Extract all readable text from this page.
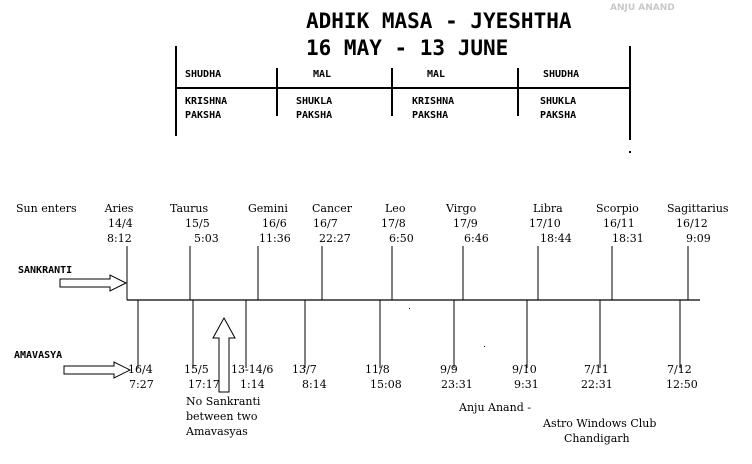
ADHIK MASA - JYESHTHA
16 MAY - 13 JUNE
ANJU ANAND
SHUDHA
KRISHNA
PAKSHA
MAL
SHUKLA
PAKSHA
MAL
KRISHNA
PAKSHA
SHUDHA
SHUKLA
PAKSHA
Sun enters
SANKRANTI
AMAVASYA
Aries
14/4
8:12
Taurus
15/5
5:03
Gemini
16/6
11:36
Cancer
16/7
22:27
Leo
17/8
6:50
Virgo
17/9
6:46
Libra
17/10
18:44
Scorpio
16/11
18:31
Sagittarius
16/12
9:09
16/4
7:27
15/5
17:17
13-14/6
1:14
13/7
8:14
11/8
15:08
9/9
23:31
9/10
9:31
7/11
22:31
7/12
12:50
No Sankranti
between two
Amavasyas
Anju Anand -
Astro Windows Club
Chandigarh
